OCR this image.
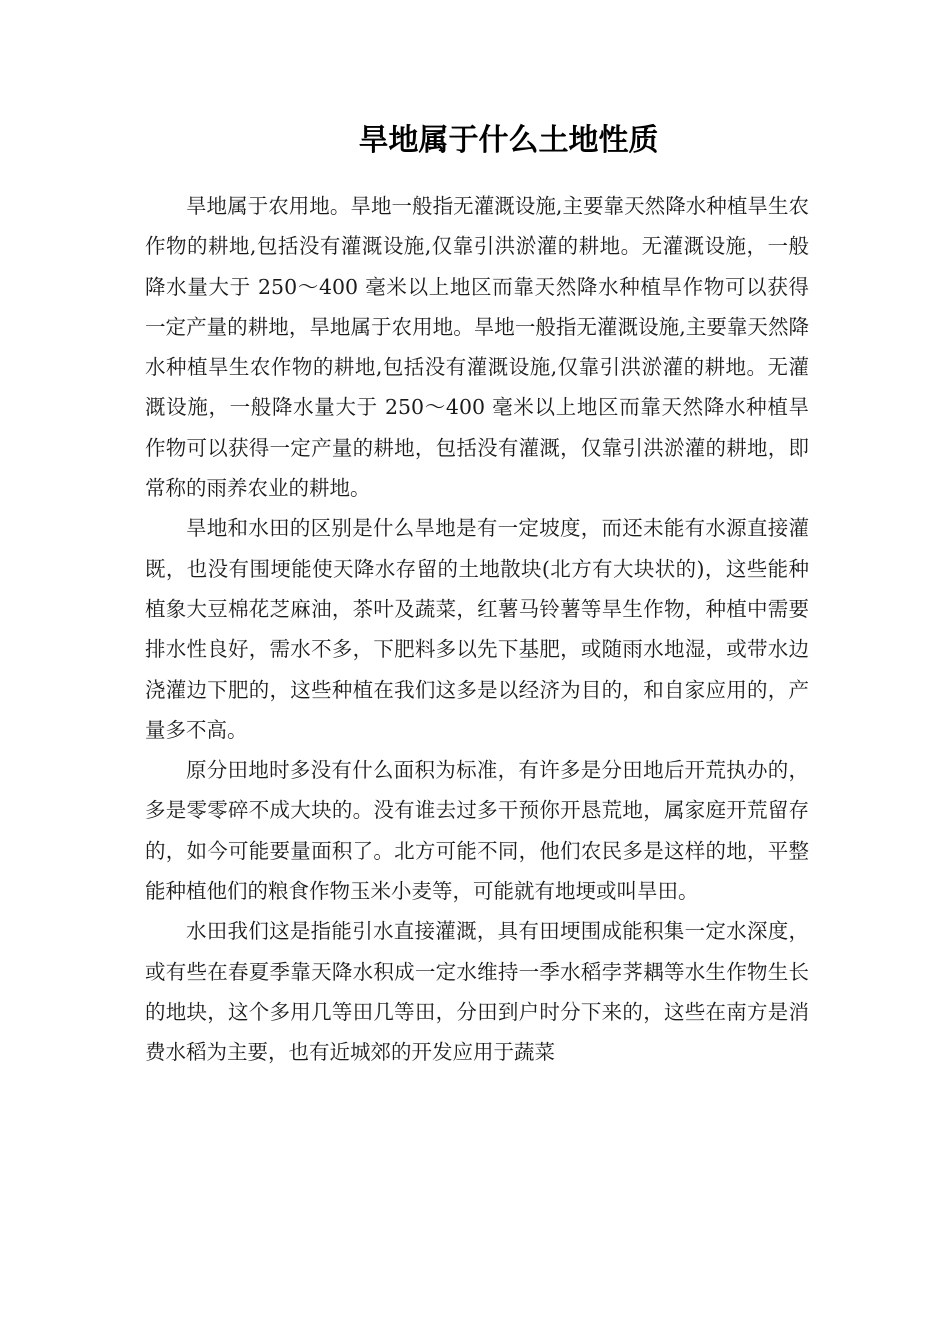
旱地属于什么土地性质

旱地属于农用地。旱地一般指无灌溉设施,主要靠天然降水种植旱生农作物的耕地,包括没有灌溉设施,仅靠引洪淤灌的耕地。无灌溉设施，一般降水量大于 250～400 毫米以上地区而靠天然降水种植旱作物可以获得一定产量的耕地，旱地属于农用地。旱地一般指无灌溉设施,主要靠天然降水种植旱生农作物的耕地,包括没有灌溉设施,仅靠引洪淤灌的耕地。无灌溉设施，一般降水量大于 250～400 毫米以上地区而靠天然降水种植旱作物可以获得一定产量的耕地，包括没有灌溉，仅靠引洪淤灌的耕地，即常称的雨养农业的耕地。

旱地和水田的区别是什么旱地是有一定坡度，而还未能有水源直接灌既，也没有围埂能使天降水存留的土地散块(北方有大块状的)，这些能种植象大豆棉花芝麻油，茶叶及蔬菜，红薯马铃薯等旱生作物，种植中需要排水性良好，需水不多，下肥料多以先下基肥，或随雨水地湿，或带水边浇灌边下肥的，这些种植在我们这多是以经济为目的，和自家应用的，产量多不高。

原分田地时多没有什么面积为标准，有许多是分田地后开荒执办的，多是零零碎不成大块的。没有谁去过多干预你开恳荒地，属家庭开荒留存的，如今可能要量面积了。北方可能不同，他们农民多是这样的地，平整能种植他们的粮食作物玉米小麦等，可能就有地埂或叫旱田。

水田我们这是指能引水直接灌溉，具有田埂围成能积集一定水深度，或有些在春夏季靠天降水积成一定水维持一季水稻孛荠耦等水生作物生长的地块，这个多用几等田几等田，分田到户时分下来的，这些在南方是消费水稻为主要，也有近城郊的开发应用于蔬菜
